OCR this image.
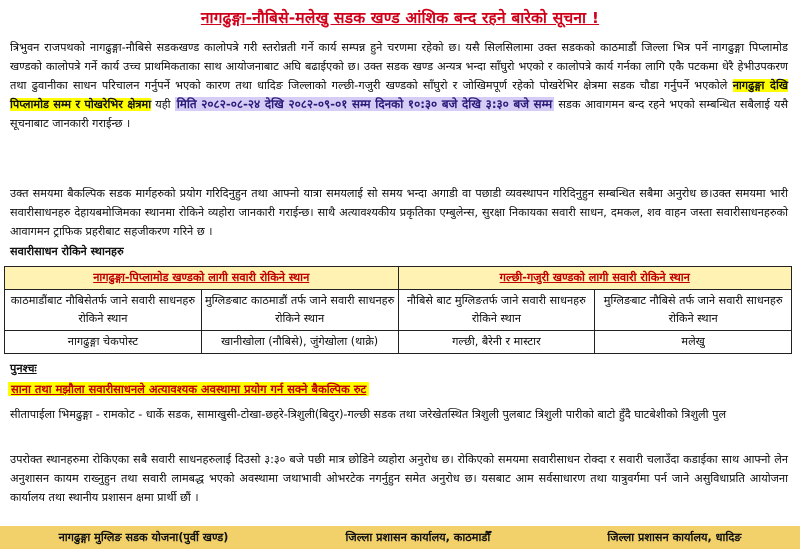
नागढुङ्गा-नौबिसे-मलेखु सडक खण्ड आंशिक बन्द रहने बारेको सूचना !

त्रिभुवन राजपथको नागढुङ्गा-नौबिसे सडकखण्ड कालोपत्रे गरी स्तरोन्नती गर्ने कार्य सम्पन्न हुने चरणमा रहेको छ। यसै सिलसिलामा उक्त सडकको काठमाडौं जिल्ला भित्र पर्ने नागढुङ्गा पिप्लामोड खण्डको कालोपत्रे गर्ने कार्य उच्च प्राथमिकताका साथ आयोजनाबाट अघि बढाईएको छ। उक्त सडक खण्ड अन्यत्र भन्दा साँघुरो भएको र कालोपत्रे कार्य गर्नका लागि एकै पटकमा धेरै हेभीउपकरण तथा ढुवानीका साधन परिचालन गर्नुपर्ने भएको कारण तथा धादिङ जिल्लाको गल्छी-गजुरी खण्डको साँघुरो र जोखिमपूर्ण रहेको पोखरेभिर क्षेत्रमा सडक चौडा गर्नुपर्ने भएकोले नागढुङ्गा देखि पिप्लामोड सम्म र पोखरेभिर क्षेत्रमा यही मिति २०८२-०८-२४ देखि २०८२-०९-०१ सम्म दिनको १०:३० बजे देखि ३:३० बजे सम्म सडक आवागमन बन्द रहने भएको सम्बन्धित सबैलाई यसै सूचनाबाट जानकारी गराईन्छ ।

उक्त समयमा बैकल्पिक सडक मार्गहरुको प्रयोग गरिदिनुहुन तथा आफ्नो यात्रा समयलाई सो समय भन्दा अगाडी वा पछाडी व्यवस्थापन गरिदिनुहुन सम्बन्धित सबैमा अनुरोध छ।उक्त समयमा भारी सवारीसाधनहरु देहायबमोजिमका स्थानमा रोकिने व्यहोरा जानकारी गराईन्छ। साथै अत्यावश्यकीय प्रकृतिका एम्बुलेन्स, सुरक्षा निकायका सवारी साधन, दमकल, शव वाहन जस्ता सवारीसाधनहरुको आवागमन ट्राफिक प्रहरीबाट सहजीकरण गरिने छ ।

सवारीसाधन रोकिने स्थानहरु
नागढुङ्गा-पिप्लामोड खण्डको लागी सवारी रोकिने स्थान		गल्छी-गजुरी खण्डको लागी सवारी रोकिने स्थान	
काठमाडौंबाट नौबिसेतर्फ जाने सवारी साधनहरु रोकिने स्थान	मुग्लिङबाट काठमाडौं तर्फ जाने सवारी साधनहरु रोकिने स्थान	नौबिसे बाट मुग्लिङतर्फ जाने सवारी साधनहरु रोकिने स्थान	मुग्लिङबाट नौबिसे तर्फ जाने सवारी साधनहरु रोकिने स्थान
नागढुङ्गा चेकपोस्ट	खानीखोला (नौबिसे), जुंगेखोला (थाक्रे)	गल्छी, बैरेनी र मास्टार	मलेखु
पुनश्चः
साना तथा मझौला सवारीसाधनले अत्यावश्यक अवस्थामा प्रयोग गर्न सक्ने बैकल्पिक रुट

सीतापाईला भिमढुङ्गा - रामकोट - धार्के सडक, सामाखुसी-टोखा-छहरे-त्रिशुली(बिदुर)-गल्छी सडक तथा जरेखेतस्थित त्रिशुली पुलबाट त्रिशुली पारीको बाटो हुँदै घाटबेशीको त्रिशुली पुल

उपरोक्त स्थानहरुमा रोकिएका सबै सवारी साधनहरुलाई दिउसो ३:३० बजे पछी मात्र छोडिने व्यहोरा अनुरोध छ। रोकिएको समयमा सवारीसाधन रोक्दा र सवारी चलाउँदा कडाईका साथ आफ्नो लेन अनुशासन कायम राख्नुहुन तथा सवारी लामबद्ध भएको अवस्थामा जथाभावी ओभरटेक नगर्नुहुन समेत अनुरोध छ। यसबाट आम सर्वसाधारण तथा यात्रुवर्गमा पर्न जाने असुविधाप्रति आयोजना कार्यालय तथा स्थानीय प्रशासन क्षमा प्रार्थी छौं ।

नागढुङ्गा मुग्लिङ सडक योजना(पुर्वी खण्ड)	जिल्ला प्रशासन कार्यालय, काठमाडौँ	जिल्ला प्रशासन कार्यालय, धादिङ
